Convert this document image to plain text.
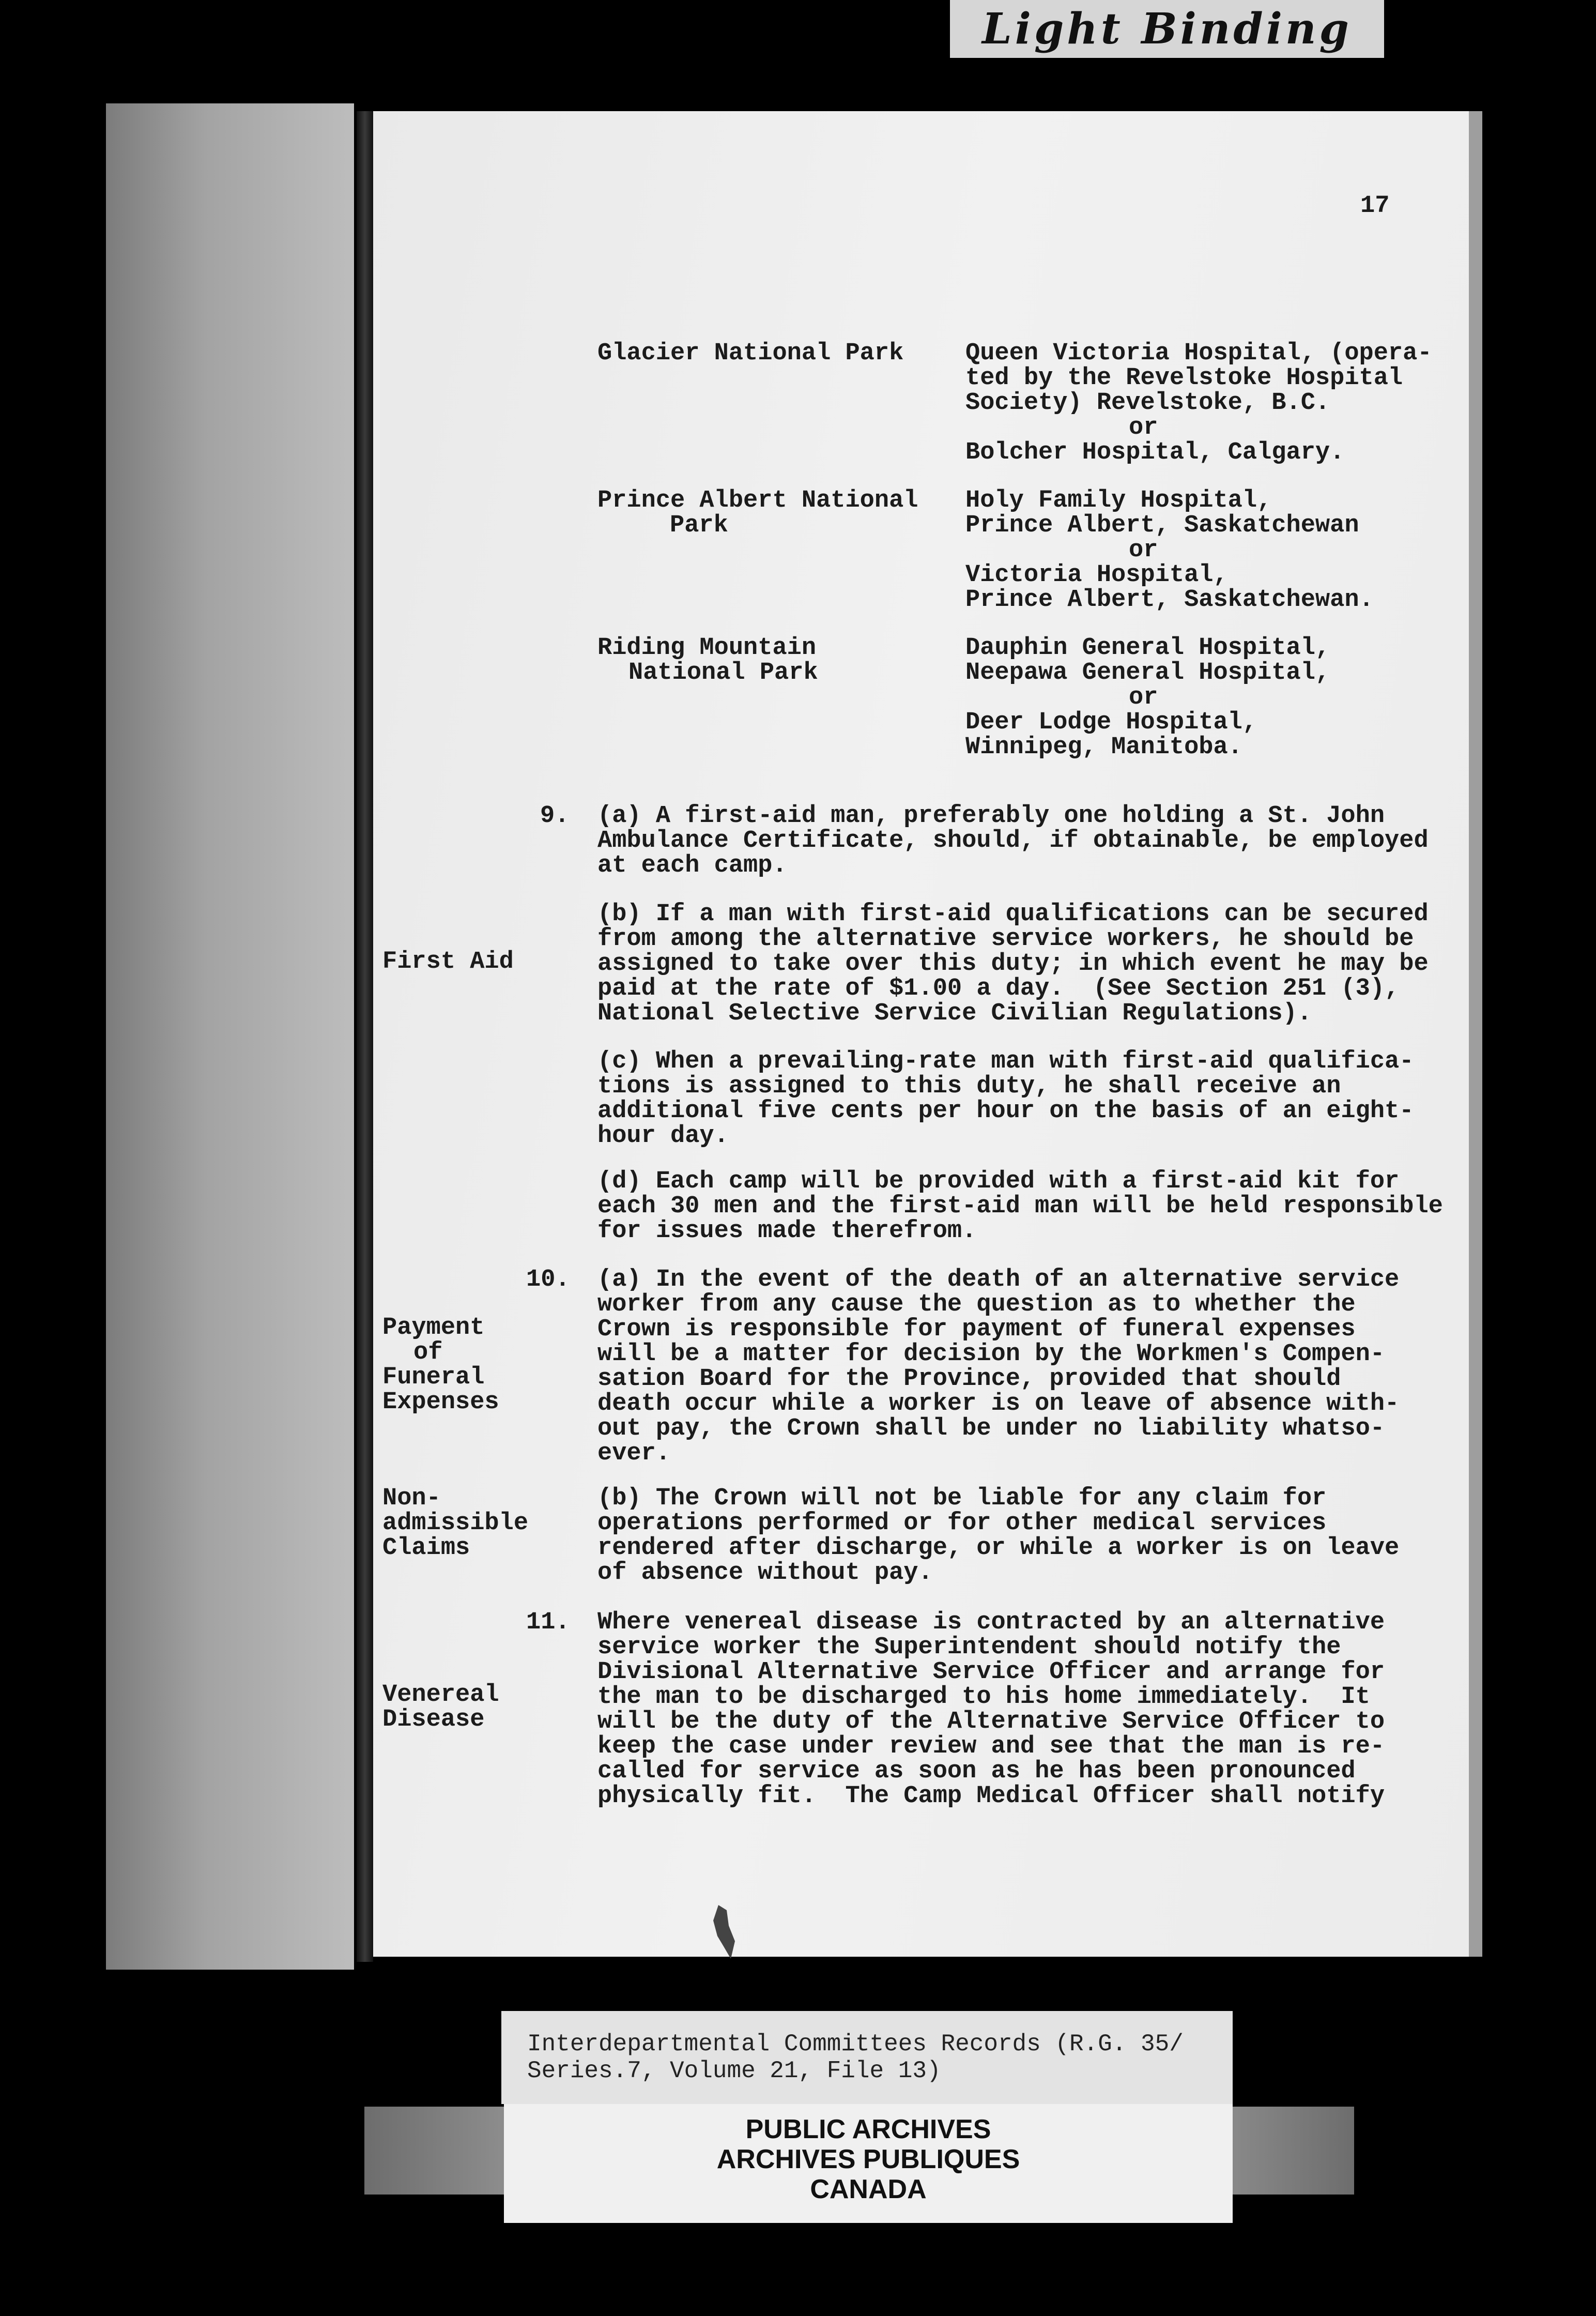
Light Binding
17
Glacier National Park	Queen Victoria Hospital, (opera-
ted by the Revelstoke Hospital
Society) Revelstoke, B.C.
or
Bolcher Hospital, Calgary.
Prince Albert National
Park
Holy Family Hospital,
Prince Albert, Saskatchewan
or
Victoria Hospital,
Prince Albert, Saskatchewan.
Riding Mountain
National Park
Dauphin General Hospital,
Neepawa General Hospital,
or
Deer Lodge Hospital,
Winnipeg, Manitoba.
9.
First Aid
(a) A first-aid man, preferably one holding a St. John
Ambulance Certificate, should, if obtainable, be employed
at each camp.
(b) If a man with first-aid qualifications can be secured
from among the alternative service workers, he should be
assigned to take over this duty; in which event he may be
paid at the rate of $1.00 a day.  (See Section 251 (3),
National Selective Service Civilian Regulations).
(c) When a prevailing-rate man with first-aid qualifica-
tions is assigned to this duty, he shall receive an
additional five cents per hour on the basis of an eight-
hour day.
(d) Each camp will be provided with a first-aid kit for
each 30 men and the first-aid man will be held responsible
for issues made therefrom.
10.
Payment
of
Funeral
Expenses
Non-
admissible
Claims
(a) In the event of the death of an alternative service
worker from any cause the question as to whether the
Crown is responsible for payment of funeral expenses
will be a matter for decision by the Workmen's Compen-
sation Board for the Province, provided that should
death occur while a worker is on leave of absence with-
out pay, the Crown shall be under no liability whatso-
ever.
(b) The Crown will not be liable for any claim for
operations performed or for other medical services
rendered after discharge, or while a worker is on leave
of absence without pay.
11.
Venereal
Disease
Where venereal disease is contracted by an alternative
service worker the Superintendent should notify the
Divisional Alternative Service Officer and arrange for
the man to be discharged to his home immediately.  It
will be the duty of the Alternative Service Officer to
keep the case under review and see that the man is re-
called for service as soon as he has been pronounced
physically fit.  The Camp Medical Officer shall notify
Interdepartmental Committees Records (R.G. 35/
Series.7, Volume 21, File 13)
PUBLIC ARCHIVES
ARCHIVES PUBLIQUES
CANADA
